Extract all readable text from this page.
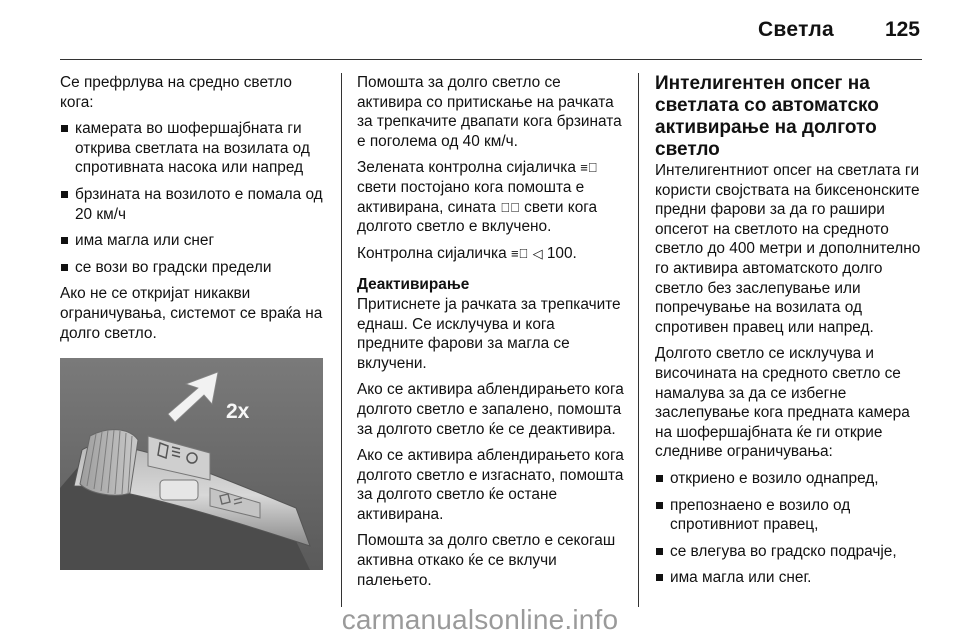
Светла 125

Се префрлува на средно светло кога:

камерата во шофершајбната ги открива светлата на возилата од спротивната насока или напред
брзината на возилото е помала од 20 км/ч
има магла или снег
се вози во градски предели

Ако не се откријат никакви ограничувања, системот се враќа на долго светло.

2x

Помошта за долго светло се активира со притискање на рачката за трепкачите двапати кога брзината е поголема од 40 км/ч.

Зелената контролна сијаличка ≡⃝ свети постојано кога помошта е активирана, сината ≣⃝ свети кога долгото светло е вклучено.

Контролна сијаличка ≡⃝ ◁ 100.

Деактивирање

Притиснете ја рачката за трепкачите еднаш. Се исклучува и кога предните фарови за магла се вклучени.

Ако се активира аблендирањето кога долгото светло е запалено, помошта за долгото светло ќе се деактивира.

Ако се активира аблендирањето кога долгото светло е изгаснато, помошта за долгото светло ќе остане активирана.

Помошта за долго светло е секогаш активна откако ќе се вклучи палењето.

Интелигентен опсег на светлата со автоматско активирање на долгото светло

Интелигентниот опсег на светлата ги користи својствата на биксенонските предни фарови за да го рашири опсегот на светлото на средното светло до 400 метри и дополнително го активира автоматското долго светло без заслепување или попречување на возилата од спротивен правец или напред.

Долгото светло се исклучува и височината на средното светло се намалува за да се избегне заслепување кога предната камера на шофершајбната ќе ги открие следниве ограничувања:

откриено е возило однапред,
препознаено е возило од спротивниот правец,
се влегува во градско подрачје,
има магла или снег.
carmanualsonline.info
